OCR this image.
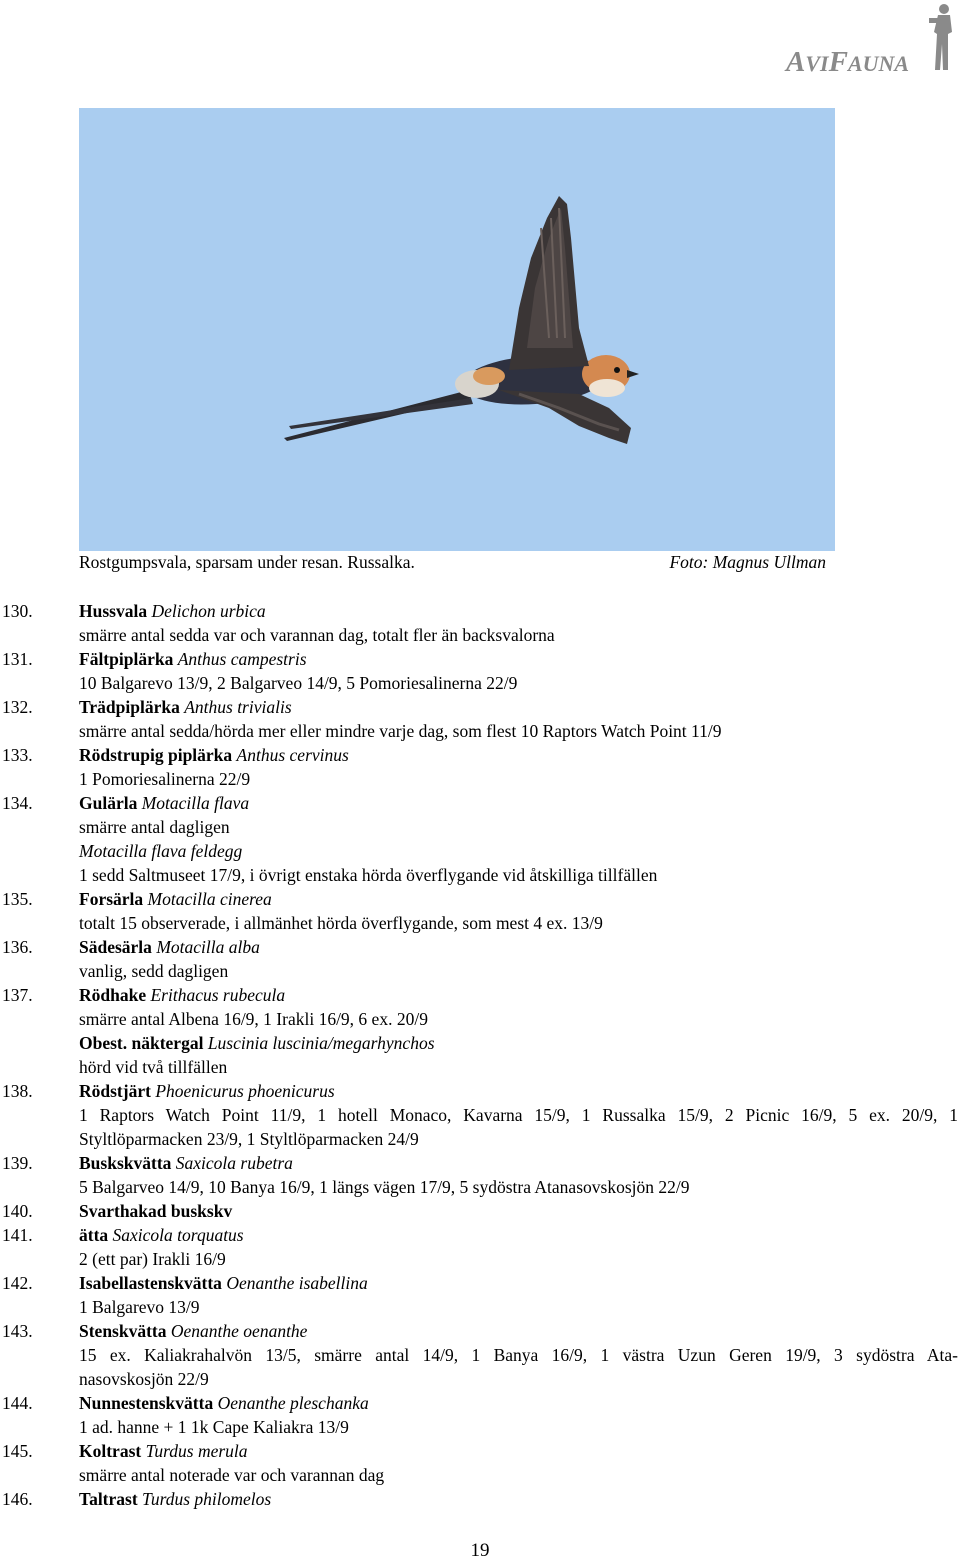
AVIFAUNA
Rostgumpsvala, sparsam under resan. Russalka.	Foto: Magnus Ullman
130.	Hussvala Delichon urbica
smärre antal sedda var och varannan dag, totalt fler än backsvalorna
131.	Fältpiplärka Anthus campestris
10 Balgarevo 13/9, 2 Balgarveo 14/9, 5 Pomoriesalinerna 22/9
132.	Trädpiplärka Anthus trivialis
smärre antal sedda/hörda mer eller mindre varje dag, som flest 10 Raptors Watch Point 11/9
133.	Rödstrupig piplärka Anthus cervinus
1 Pomoriesalinerna 22/9
134.	Gulärla Motacilla flava
smärre antal dagligen
Motacilla flava feldegg
1 sedd Saltmuseet 17/9, i övrigt enstaka hörda överflygande vid åtskilliga tillfällen
135.	Forsärla Motacilla cinerea
totalt 15 observerade, i allmänhet hörda överflygande, som mest 4 ex. 13/9
136.	Sädesärla Motacilla alba
vanlig, sedd dagligen
137.	Rödhake Erithacus rubecula
smärre antal Albena 16/9, 1 Irakli 16/9, 6 ex. 20/9
Obest. näktergal Luscinia luscinia/megarhynchos
hörd vid två tillfällen
138.	Rödstjärt Phoenicurus phoenicurus
1 Raptors Watch Point 11/9, 1 hotell Monaco, Kavarna 15/9, 1 Russalka 15/9, 2 Picnic 16/9, 5 ex. 20/9, 1
Styltlöparmacken 23/9, 1 Styltlöparmacken 24/9
139.	Buskskvätta Saxicola rubetra
5 Balgarveo 14/9, 10 Banya 16/9, 1 längs vägen 17/9, 5 sydöstra Atanasovskosjön 22/9
140.	Svarthakad buskskv
141.	ätta Saxicola torquatus
2 (ett par) Irakli 16/9
142.	Isabellastenskvätta Oenanthe isabellina
1 Balgarevo 13/9
143.	Stenskvätta Oenanthe oenanthe
15 ex. Kaliakrahalvön 13/5, smärre antal 14/9, 1 Banya 16/9, 1 västra Uzun Geren 19/9, 3 sydöstra Ata-
nasovskosjön 22/9
144.	Nunnestenskvätta Oenanthe pleschanka
1 ad. hanne + 1 1k Cape Kaliakra 13/9
145.	Koltrast Turdus merula
smärre antal noterade var och varannan dag
146.	Taltrast Turdus philomelos
19
